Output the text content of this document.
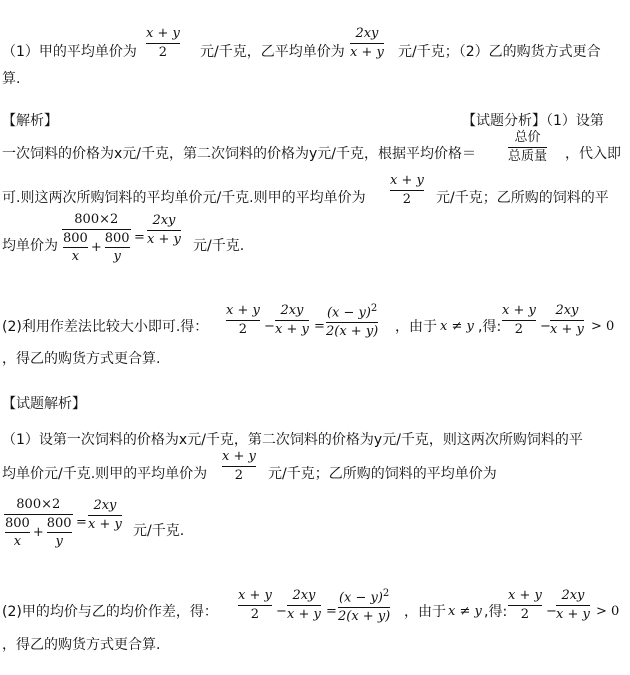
（1）甲的平均单价为
x + y
2 元/千克，乙平均单价为
2xy
x + y 元/千克；（2）乙的购货方式更合
算.
【解析】	【试题分析】（1）设第
一次饲料的价格为x元/千克，第二次饲料的价格为y元/千克，根据平均价格＝
总价
总质量 ，代入即
可.则这两次所购饲料的平均单价元/千克.则甲的平均单价为
x + y
2 元/千克；乙所购的饲料的平
均单价为
800×2
$\frac{800}{x} + \frac{800}{y}$ =
2xy
x + y 元/千克.
(2)利用作差法比较大小即可.得：
x + y
2 −
2xy
x + y =
$(x - y)^2$
2(x + y) ，由于 x ≠ y ,得:
x + y
2 −
2xy
x + y > 0
，得乙的购货方式更合算.
【试题解析】
（1）设第一次饲料的价格为x元/千克，第二次饲料的价格为y元/千克，则这两次所购饲料的平
均单价元/千克.则甲的平均单价为
x + y
2 元/千克；乙所购的饲料的平均单价为
800×2
$\frac{800}{x} + \frac{800}{y}$ =
2xy
x + y 元/千克.
(2)甲的均价与乙的均价作差，得：
x + y
2 −
2xy
x + y =
$(x - y)^2$
2(x + y) ，由于 x ≠ y ,得:
x + y
2 −
2xy
x + y > 0
，得乙的购货方式更合算.
